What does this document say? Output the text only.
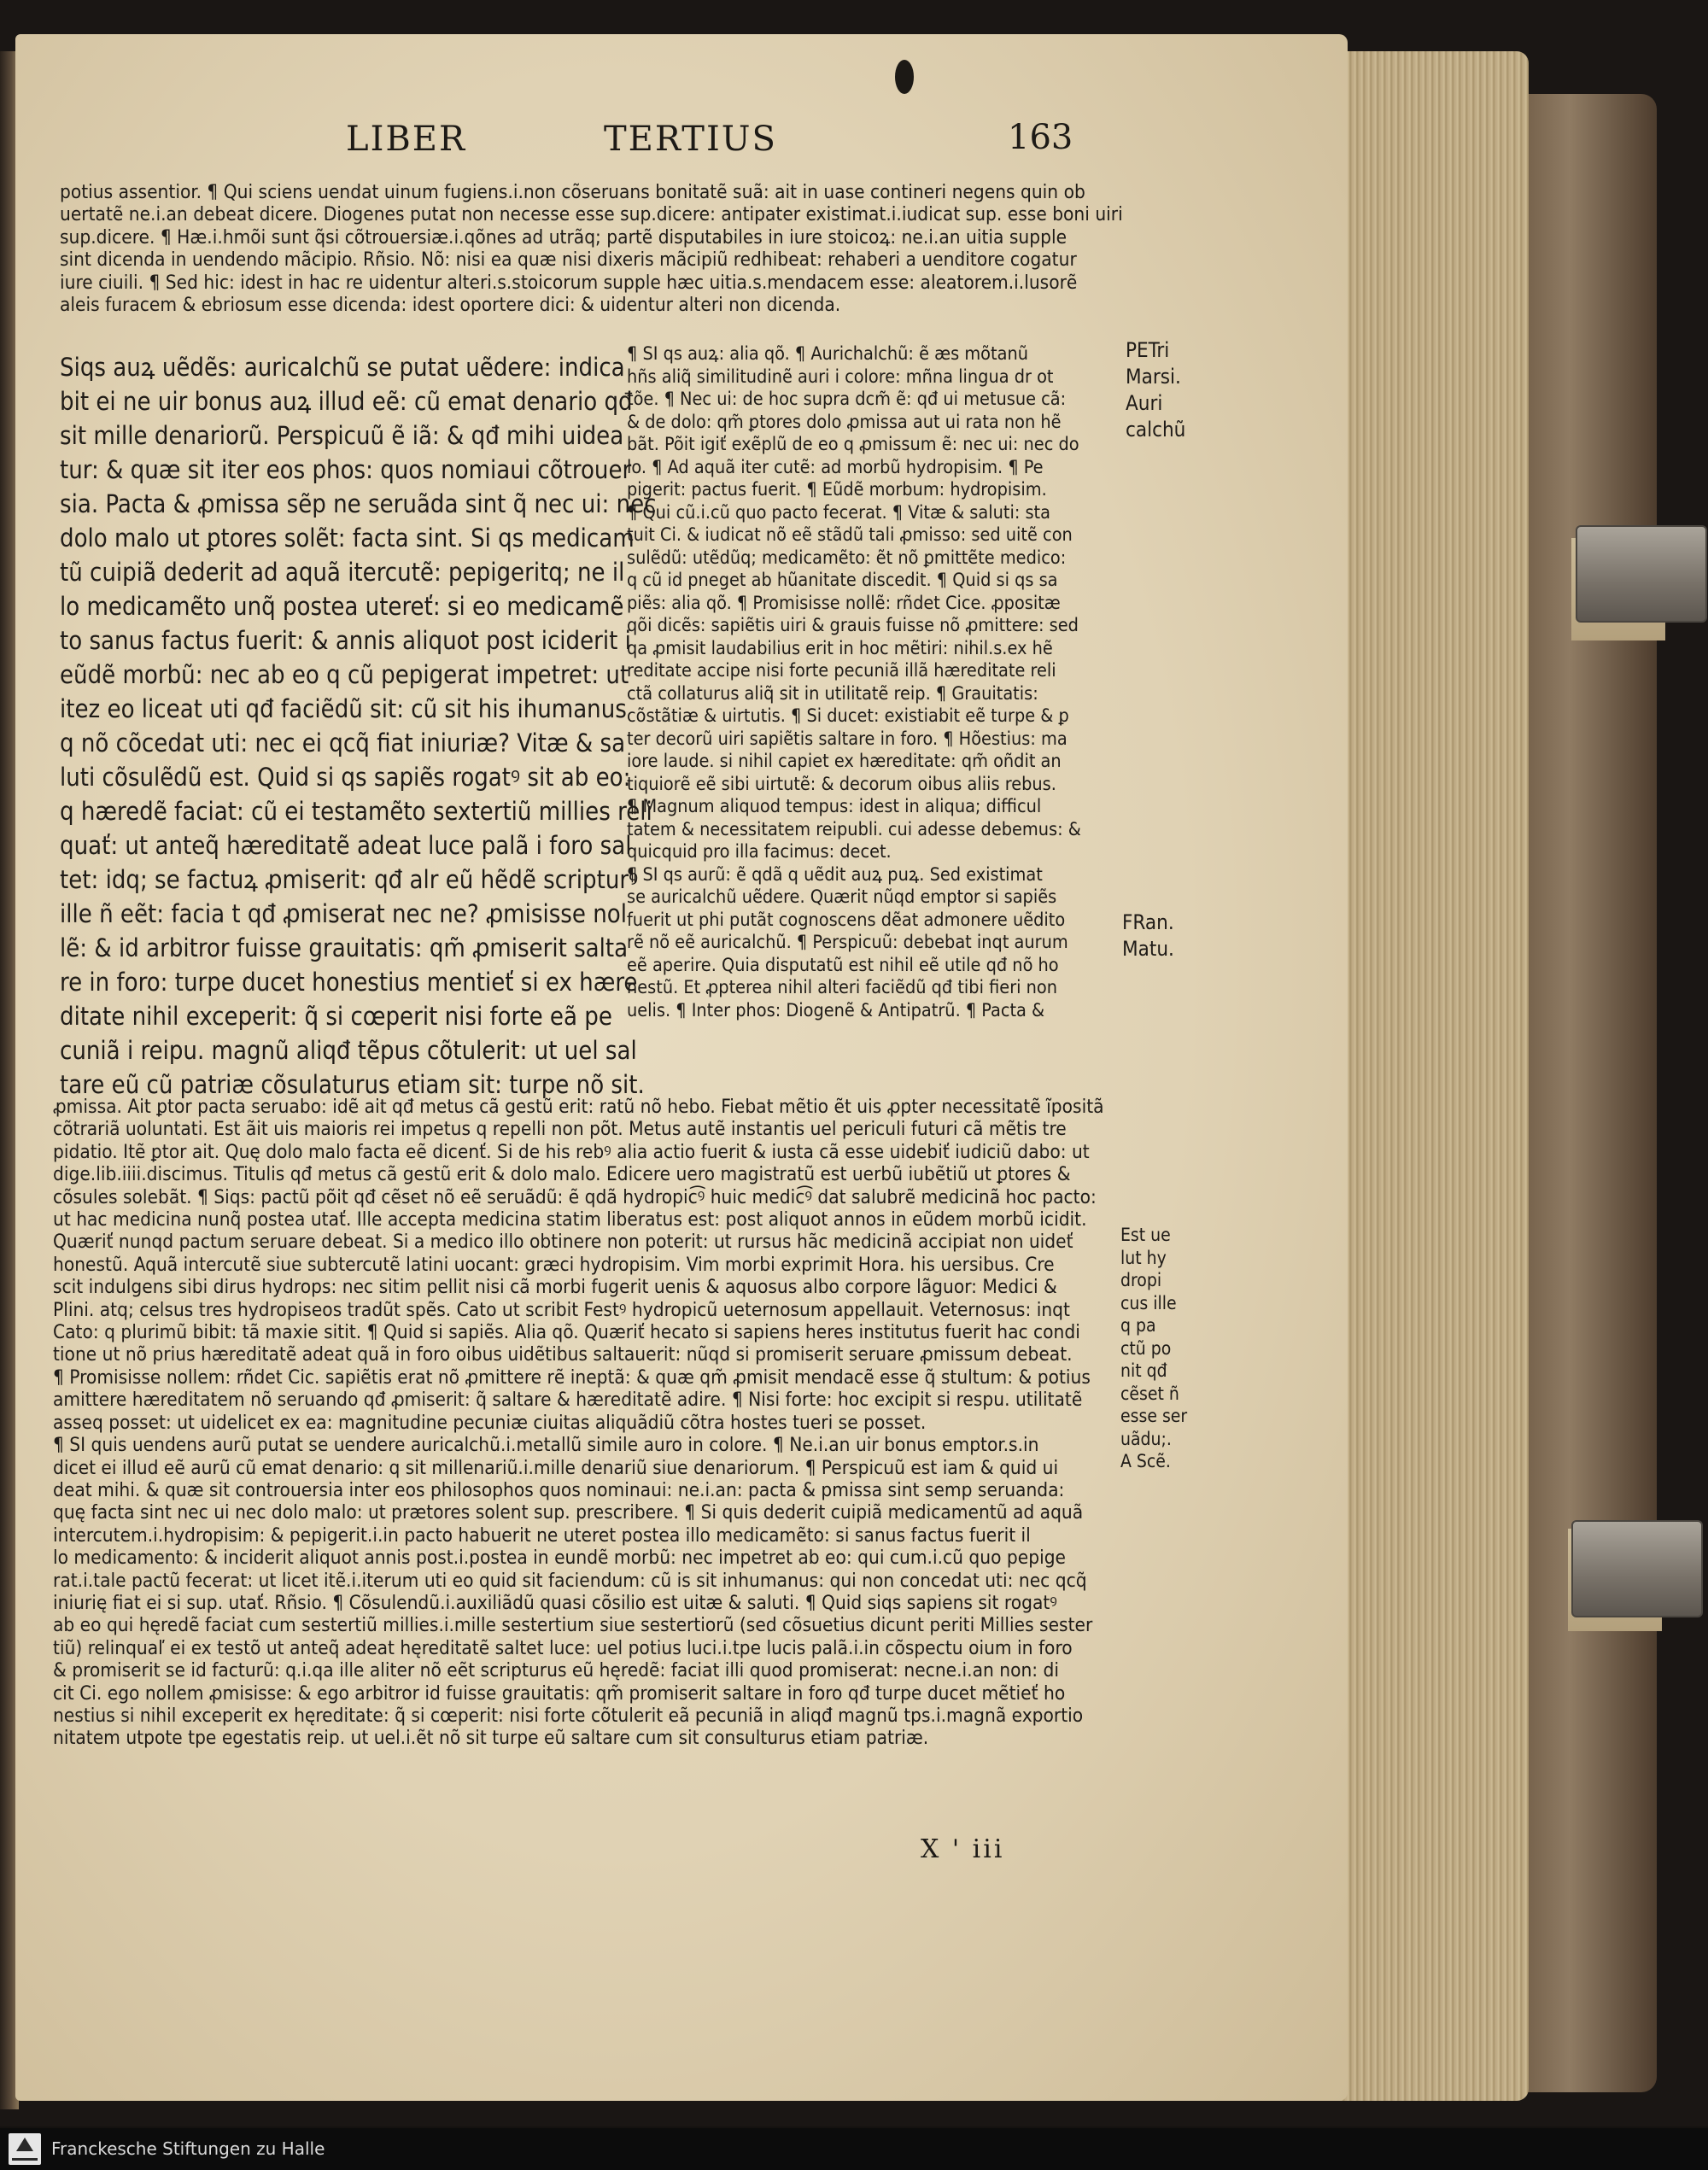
LIBER	TERTIUS	163
potius assentior. ¶ Qui sciens uendat uinum fugiens.i.non cõseruans bonitatẽ suã: ait in uase contineri negens quin ob
uertatẽ ne.i.an debeat dicere. Diogenes putat non necesse esse sup.dicere: antipater existimat.i.iudicat sup. esse boni uiri
sup.dicere. ¶ Hæ.i.hmõi sunt q̃si cõtrouersiæ.i.qõnes ad utrãq; partẽ disputabiles in iure stoicoꝝ: ne.i.an uitia supple
sint dicenda in uendendo mãcipio. Rñsio. Nõ: nisi ea quæ nisi dixeris mãcipiũ redhibeat: rehaberi a uenditore cogatur
iure ciuili. ¶ Sed hic: idest in hac re uidentur alteri.s.stoicorum supple hæc uitia.s.mendacem esse: aleatorem.i.lusorẽ
aleis furacem & ebriosum esse dicenda: idest oportere dici: & uidentur alteri non dicenda.
Siqs auꝝ uẽdẽs: auricalchũ se putat uẽdere: indica
bit ei ne uir bonus auꝝ illud eẽ: cũ emat denario qđ
sit mille denariorũ. Perspicuũ ẽ iã: & qđ mihi uidea
tur: & quæ sit iter eos phos: quos nomiaui cõtrouer
sia. Pacta & ꝓmissa sẽp ne seruãda sint q̃ nec ui: nec
dolo malo ut ꝑtores solẽt: facta sint. Si qs medicam
tũ cuipiã dederit ad aquã itercutẽ: pepigeritq; ne il
lo medicamẽto unq̃ postea utereť: si eo medicamẽ
to sanus factus fuerit: & annis aliquot post iciderit i
eũdẽ morbũ: nec ab eo q cũ pepigerat impetret: ut
itez eo liceat uti qđ faciẽdũ sit: cũ sit his ihumanus
q nõ cõcedat uti: nec ei qcq̃ fiat iniuriæ? Vitæ & sa
luti cõsulẽdũ est. Quid si qs sapiẽs rogatꝰ sit ab eo:
q hæredẽ faciat: cũ ei testamẽto sextertiũ millies reli
quať: ut anteq̃ hæreditatẽ adeat luce palã i foro sal
tet: idq; se factuꝝ ꝓmiserit: qđ alr eũ hẽdẽ scripturꝰ
ille ñ eẽt: facia t qđ ꝓmiserat nec ne? ꝓmisisse nol
lẽ: & id arbitror fuisse grauitatis: qm̃ ꝓmiserit salta
re in foro: turpe ducet honestius mentieť si ex hære
ditate nihil exceperit: q̃ si cœperit nisi forte eã pe
cuniã i reipu. magnũ aliqđ tẽpus cõtulerit: ut uel sal
tare eũ cũ patriæ cõsulaturus etiam sit: turpe nõ sit.
¶ SI qs auꝝ: alia qõ. ¶ Aurichalchũ: ẽ æs mõtanũ
hñs aliq̃ similitudinẽ auri i colore: mñna lingua dr ot
tõe. ¶ Nec ui: de hoc supra dcm̃ ẽ: qđ ui metusue cã:
& de dolo: qm̃ ꝑtores dolo ꝓmissa aut ui rata non hẽ
bãt. Põit igiť exẽplũ de eo q ꝓmissum ẽ: nec ui: nec do
lo. ¶ Ad aquã iter cutẽ: ad morbũ hydropisim. ¶ Pe
pigerit: pactus fuerit. ¶ Eũdẽ morbum: hydropisim.
¶ Qui cũ.i.cũ quo pacto fecerat. ¶ Vitæ & saluti: sta
tuit Ci. & iudicat nõ eẽ stãdũ tali ꝓmisso: sed uitẽ con
sulẽdũ: utẽdũq; medicamẽto: ẽt nõ ꝑmittẽte medico:
q cũ id pneget ab hũanitate discedit. ¶ Quid si qs sa
piẽs: alia qõ. ¶ Promisisse nollẽ: rñdet Cice. ꝓpositæ
qõi dicẽs: sapiẽtis uiri & grauis fuisse nõ ꝓmittere: sed
qa ꝓmisit laudabilius erit in hoc mẽtiri: nihil.s.ex hẽ
reditate accipe nisi forte pecuniã illã hæreditate reli
ctã collaturus aliq̃ sit in utilitatẽ reip. ¶ Grauitatis:
cõstãtiæ & uirtutis. ¶ Si ducet: existiabit eẽ turpe & ꝑ
ter decorũ uiri sapiẽtis saltare in foro. ¶ Hõestius: ma
iore laude. si nihil capiet ex hæreditate: qm̃ oñdit an
tiquiorẽ eẽ sibi uirtutẽ: & decorum oibus aliis rebus.
¶ Magnum aliquod tempus: idest in aliqua; difficul
tatem & necessitatem reipubli. cui adesse debemus: &
quicquid pro illa facimus: decet.
¶ SI qs aurũ: ẽ qdã q uẽdit auꝝ puꝝ. Sed existimat
se auricalchũ uẽdere. Quærit nũqd emptor si sapiẽs
fuerit ut phi putãt cognoscens dẽat admonere uẽdito
rẽ nõ eẽ auricalchũ. ¶ Perspicuũ: debebat inqt aurum
eẽ aperire. Quia disputatũ est nihil eẽ utile qđ nõ ho
nestũ. Et ꝓpterea nihil alteri faciẽdũ qđ tibi fieri non
uelis. ¶ Inter phos: Diogenẽ & Antipatrũ. ¶ Pacta &
ꝓmissa. Ait ꝑtor pacta seruabo: idẽ ait qđ metus cã gestũ erit: ratũ nõ hebo. Fiebat mẽtio ẽt uis ꝓpter necessitatẽ ĩpositã
cõtrariã uoluntati. Est ãit uis maioris rei impetus q repelli non põt. Metus autẽ instantis uel periculi futuri cã mẽtis tre
pidatio. Itẽ ꝑtor ait. Quę dolo malo facta eẽ dicenť. Si de his rebꝰ alia actio fuerit & iusta cã esse uidebiť iudiciũ dabo: ut
dige.lib.iiii.discimus. Titulis qđ metus cã gestũ erit & dolo malo. Edicere uero magistratũ est uerbũ iubẽtiũ ut ꝑtores &
cõsules solebãt. ¶ Siqs: pactũ põit qđ cẽset nõ eẽ seruãdũ: ẽ qdã hydropic͡ꝰ huic medic͡ꝰ dat salubrẽ medicinã hoc pacto:
ut hac medicina nunq̃ postea utať. Ille accepta medicina statim liberatus est: post aliquot annos in eũdem morbũ icidit.
Quæriť nunqd pactum seruare debeat. Si a medico illo obtinere non poterit: ut rursus hãc medicinã accipiat non uideť
honestũ. Aquã intercutẽ siue subtercutẽ latini uocant: græci hydropisim. Vim morbi exprimit Hora. his uersibus. Cre
scit indulgens sibi dirus hydrops: nec sitim pellit nisi cã morbi fugerit uenis & aquosus albo corpore lãguor: Medici &
Plini. atq; celsus tres hydropiseos tradũt spẽs. Cato ut scribit Festꝰ hydropicũ ueternosum appellauit. Veternosus: inqt
Cato: q plurimũ bibit: tã maxie sitit. ¶ Quid si sapiẽs. Alia qõ. Quæriť hecato si sapiens heres institutus fuerit hac condi
tione ut nõ prius hæreditatẽ adeat quã in foro oibus uidẽtibus saltauerit: nũqd si promiserit seruare ꝓmissum debeat.
¶ Promisisse nollem: rñdet Cic. sapiẽtis erat nõ ꝓmittere rẽ ineptã: & quæ qm̃ ꝓmisit mendacẽ esse q̃ stultum: & potius
amittere hæreditatem nõ seruando qđ ꝓmiserit: q̃ saltare & hæreditatẽ adire. ¶ Nisi forte: hoc excipit si respu. utilitatẽ
asseq posset: ut uidelicet ex ea: magnitudine pecuniæ ciuitas aliquãdiũ cõtra hostes tueri se posset.
¶ SI quis uendens aurũ putat se uendere auricalchũ.i.metallũ simile auro in colore. ¶ Ne.i.an uir bonus emptor.s.in
dicet ei illud eẽ aurũ cũ emat denario: q sit millenariũ.i.mille denariũ siue denariorum. ¶ Perspicuũ est iam & quid ui
deat mihi. & quæ sit controuersia inter eos philosophos quos nominaui: ne.i.an: pacta & pmissa sint semp seruanda:
quę facta sint nec ui nec dolo malo: ut prætores solent sup. prescribere. ¶ Si quis dederit cuipiã medicamentũ ad aquã
intercutem.i.hydropisim: & pepigerit.i.in pacto habuerit ne uteret postea illo medicamẽto: si sanus factus fuerit il
lo medicamento: & inciderit aliquot annis post.i.postea in eundẽ morbũ: nec impetret ab eo: qui cum.i.cũ quo pepige
rat.i.tale pactũ fecerat: ut licet itẽ.i.iterum uti eo quid sit faciendum: cũ is sit inhumanus: qui non concedat uti: nec qcq̃
iniurię fiat ei si sup. utať. Rñsio. ¶ Cõsulendũ.i.auxiliãdũ quasi cõsilio est uitæ & saluti. ¶ Quid siqs sapiens sit rogatꝰ
ab eo qui hęredẽ faciat cum sestertiũ millies.i.mille sestertium siue sestertiorũ (sed cõsuetius dicunt periti Millies sester
tiũ) relinquaľ ei ex testõ ut anteq̃ adeat hęreditatẽ saltet luce: uel potius luci.i.tpe lucis palã.i.in cõspectu oium in foro
& promiserit se id facturũ: q.i.qa ille aliter nõ eẽt scripturus eũ hęredẽ: faciat illi quod promiserat: necne.i.an non: di
cit Ci. ego nollem ꝓmisisse: & ego arbitror id fuisse grauitatis: qm̃ promiserit saltare in foro qđ turpe ducet mẽtieť ho
nestius si nihil exceperit ex hęreditate: q̃ si cœperit: nisi forte cõtulerit eã pecuniã in aliqđ magnũ tps.i.magnã exportio
nitatem utpote tpe egestatis reip. ut uel.i.ẽt nõ sit turpe eũ saltare cum sit consulturus etiam patriæ.
PETri
Marsi.
Auri
calchũ
FRan.
Matu.
Est ue
lut hy
dropi
cus ille
q pa
ctũ po
nit qđ
cẽset ñ
esse ser
uãdu;.
A Scẽ.
X ' iii
Franckesche Stiftungen zu Halle
